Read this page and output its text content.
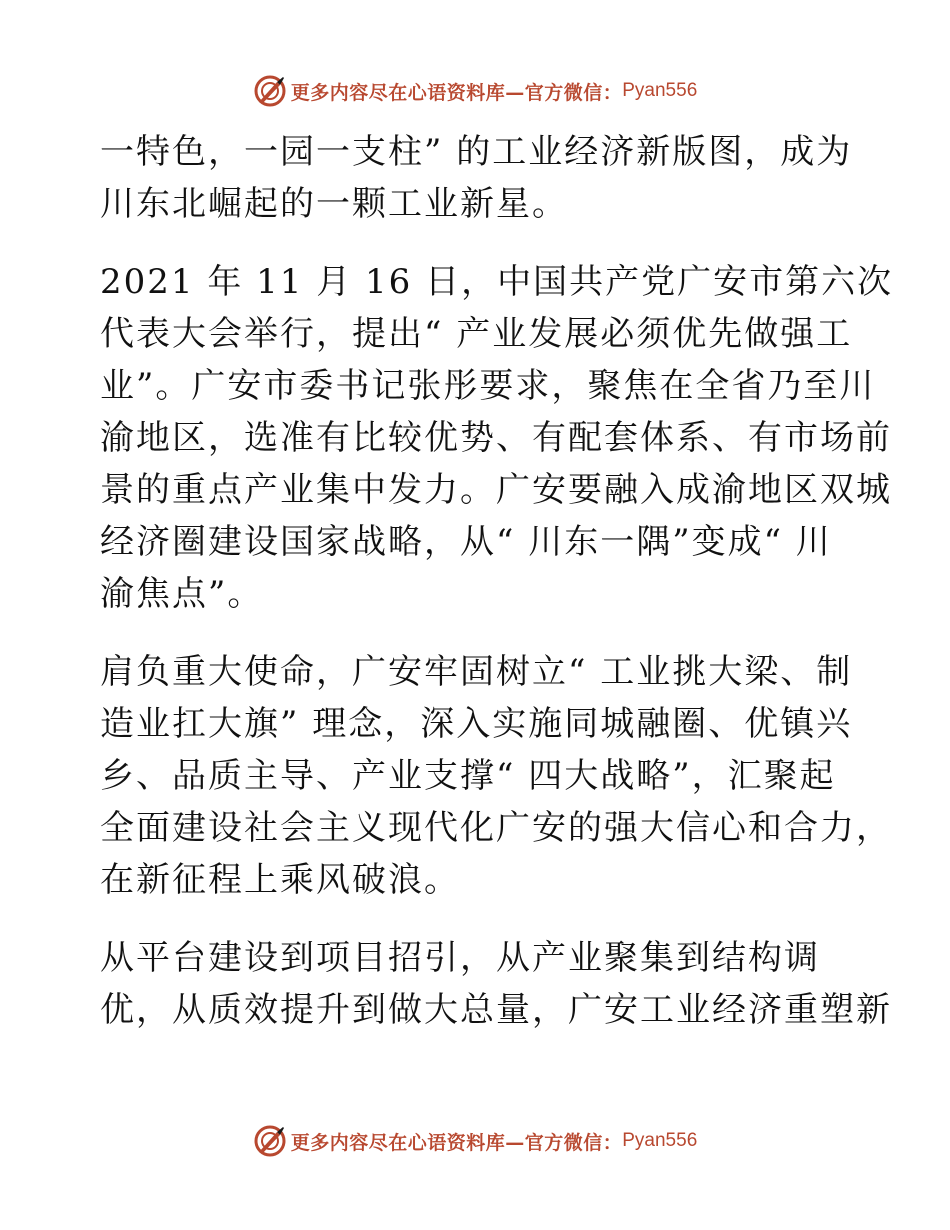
更多内容尽在心语资料库—官方微信： Pyan556
一特色，一园一支柱” 的工业经济新版图，成为
川东北崛起的一颗工业新星。
2021 年 11 月 16 日，中国共产党广安市第六次
代表大会举行，提出“ 产业发展必须优先做强工
业”。广安市委书记张彤要求，聚焦在全省乃至川
渝地区，选准有比较优势、有配套体系、有市场前
景的重点产业集中发力。广安要融入成渝地区双城
经济圈建设国家战略，从“ 川东一隅”变成“ 川
渝焦点”。
肩负重大使命，广安牢固树立“ 工业挑大梁、制
造业扛大旗” 理念，深入实施同城融圈、优镇兴
乡、品质主导、产业支撑“ 四大战略”，汇聚起
全面建设社会主义现代化广安的强大信心和合力，
在新征程上乘风破浪。
从平台建设到项目招引，从产业聚集到结构调
优，从质效提升到做大总量，广安工业经济重塑新
更多内容尽在心语资料库—官方微信： Pyan556
